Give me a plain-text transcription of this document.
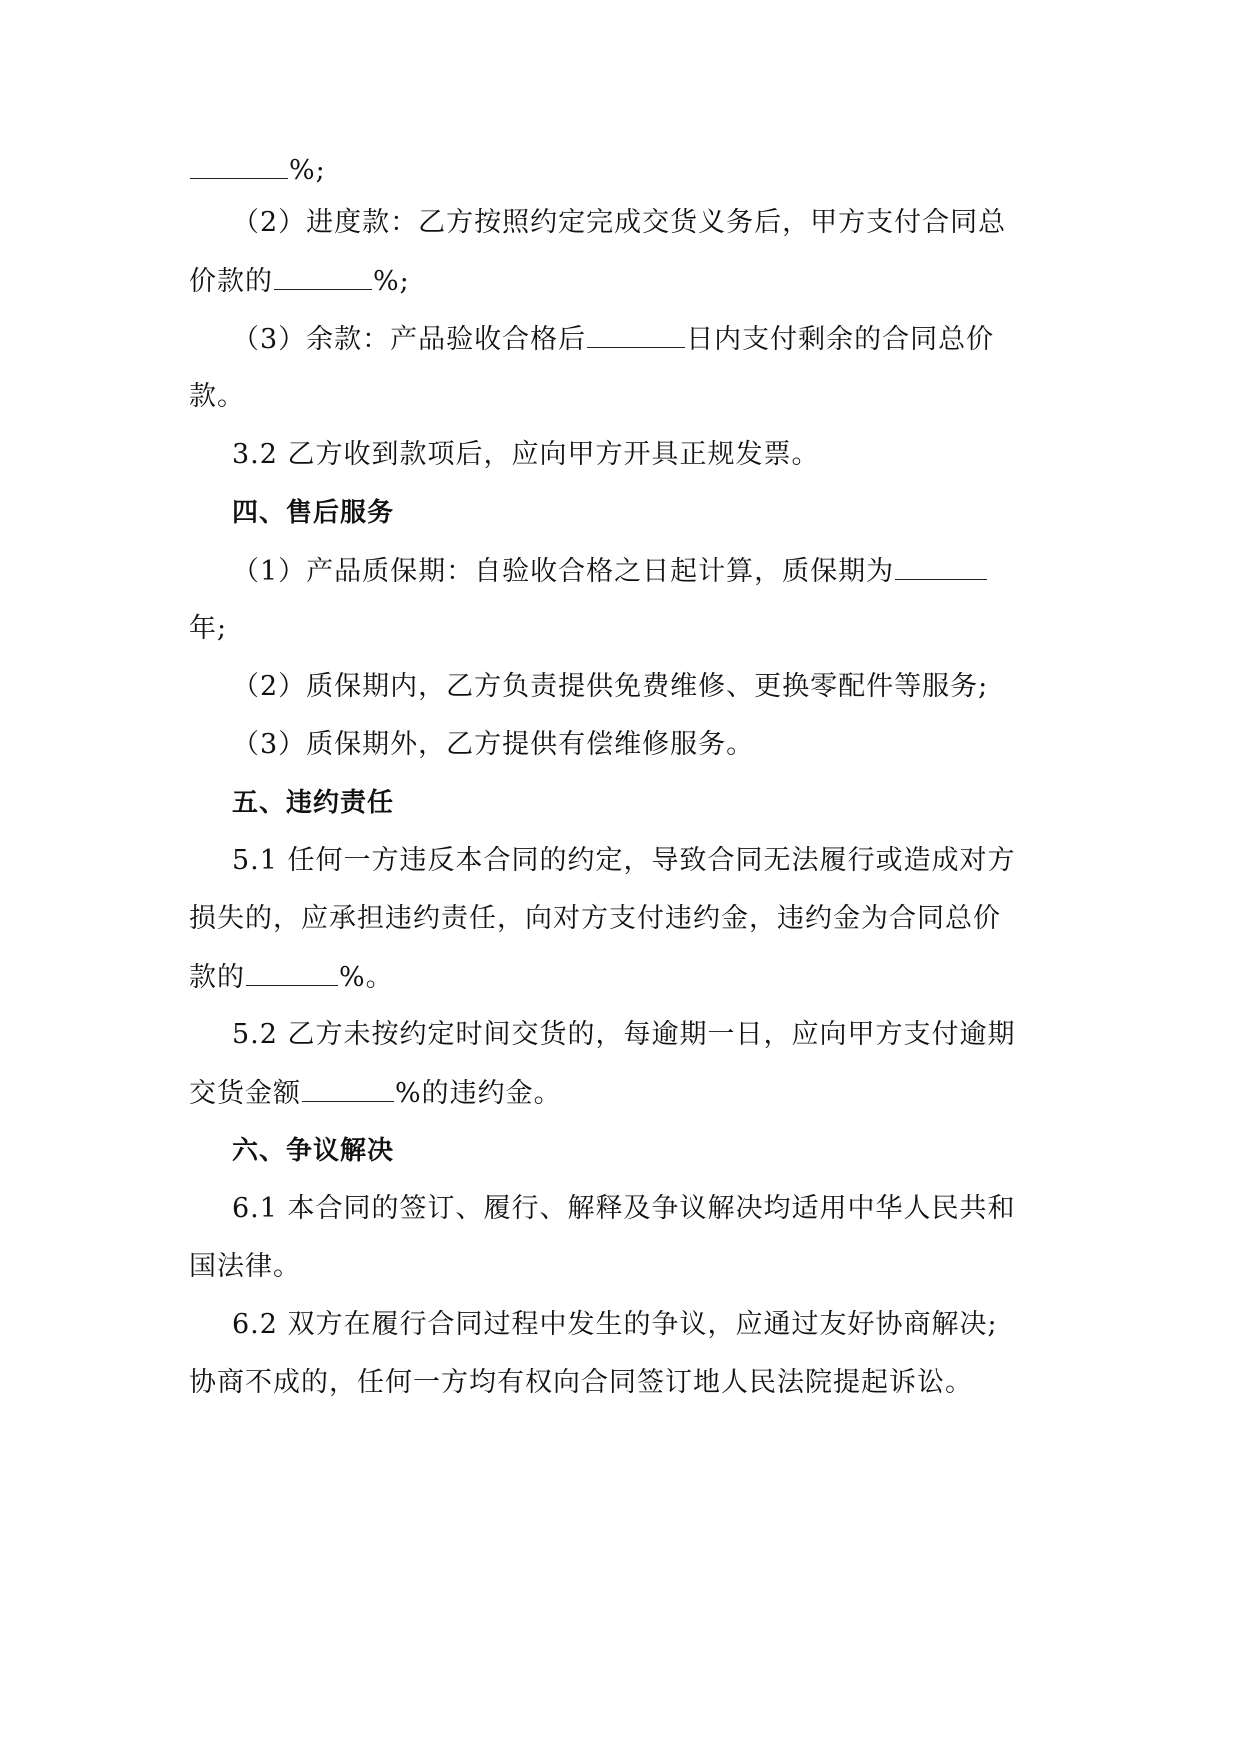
%;
（2）进度款：乙方按照约定完成交货义务后，甲方支付合同总
价款的	%;
（3）余款：产品验收合格后	日内支付剩余的合同总价
款。
3.2 乙方收到款项后，应向甲方开具正规发票。
四、售后服务
（1）产品质保期：自验收合格之日起计算，质保期为
年;
（2）质保期内，乙方负责提供免费维修、更换零配件等服务;
（3）质保期外，乙方提供有偿维修服务。
五、违约责任
5.1 任何一方违反本合同的约定，导致合同无法履行或造成对方
损失的，应承担违约责任，向对方支付违约金，违约金为合同总价
款的	%。
5.2 乙方未按约定时间交货的，每逾期一日，应向甲方支付逾期
交货金额	%的违约金。
六、争议解决
6.1 本合同的签订、履行、解释及争议解决均适用中华人民共和
国法律。
6.2 双方在履行合同过程中发生的争议，应通过友好协商解决;
协商不成的，任何一方均有权向合同签订地人民法院提起诉讼。
